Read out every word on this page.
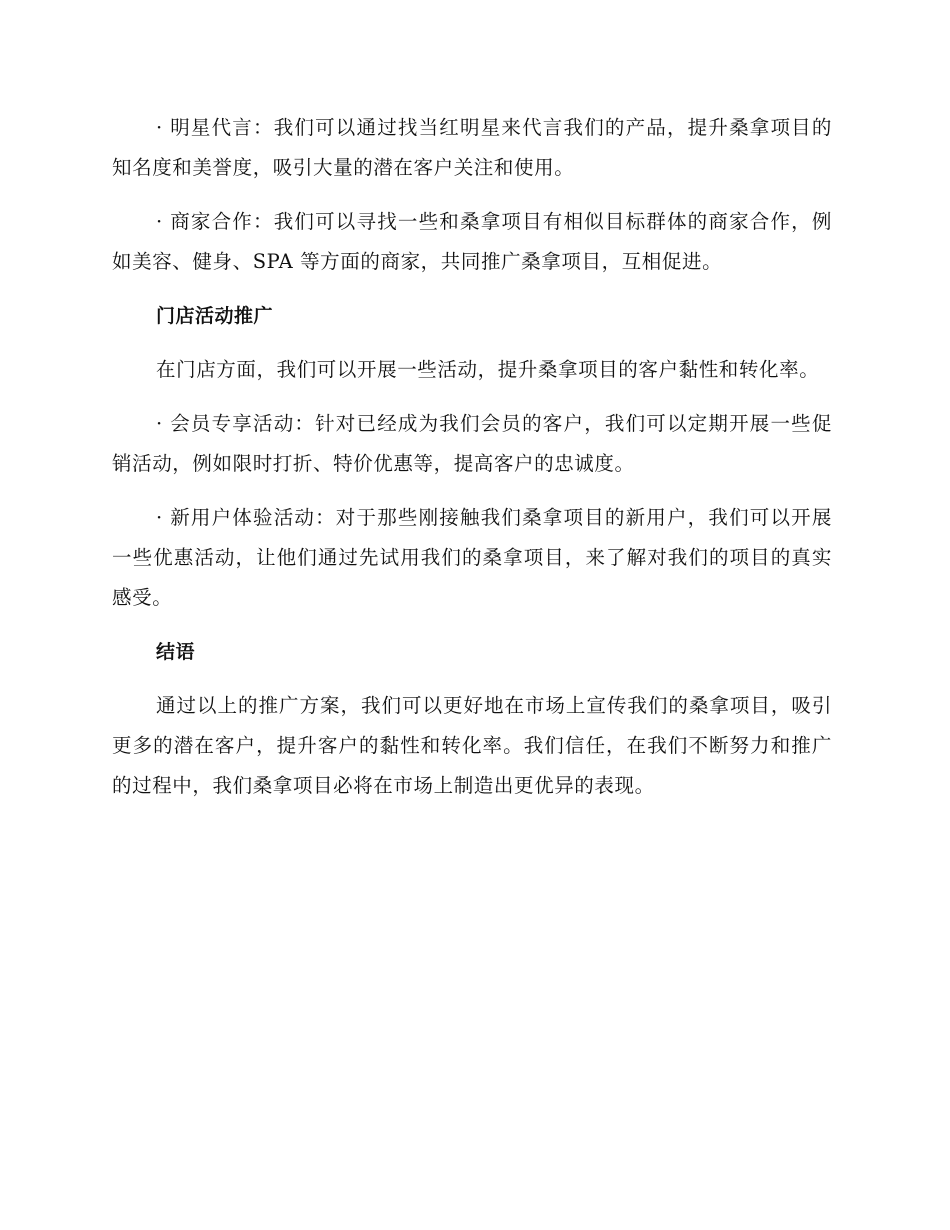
· 明星代言：我们可以通过找当红明星来代言我们的产品，提升桑拿项目的知名度和美誉度，吸引大量的潜在客户关注和使用。

· 商家合作：我们可以寻找一些和桑拿项目有相似目标群体的商家合作，例如美容、健身、SPA 等方面的商家，共同推广桑拿项目，互相促进。

门店活动推广

在门店方面，我们可以开展一些活动，提升桑拿项目的客户黏性和转化率。

· 会员专享活动：针对已经成为我们会员的客户，我们可以定期开展一些促销活动，例如限时打折、特价优惠等，提高客户的忠诚度。

· 新用户体验活动：对于那些刚接触我们桑拿项目的新用户，我们可以开展一些优惠活动，让他们通过先试用我们的桑拿项目，来了解对我们的项目的真实感受。

结语

通过以上的推广方案，我们可以更好地在市场上宣传我们的桑拿项目，吸引更多的潜在客户，提升客户的黏性和转化率。我们信任，在我们不断努力和推广的过程中，我们桑拿项目必将在市场上制造出更优异的表现。
